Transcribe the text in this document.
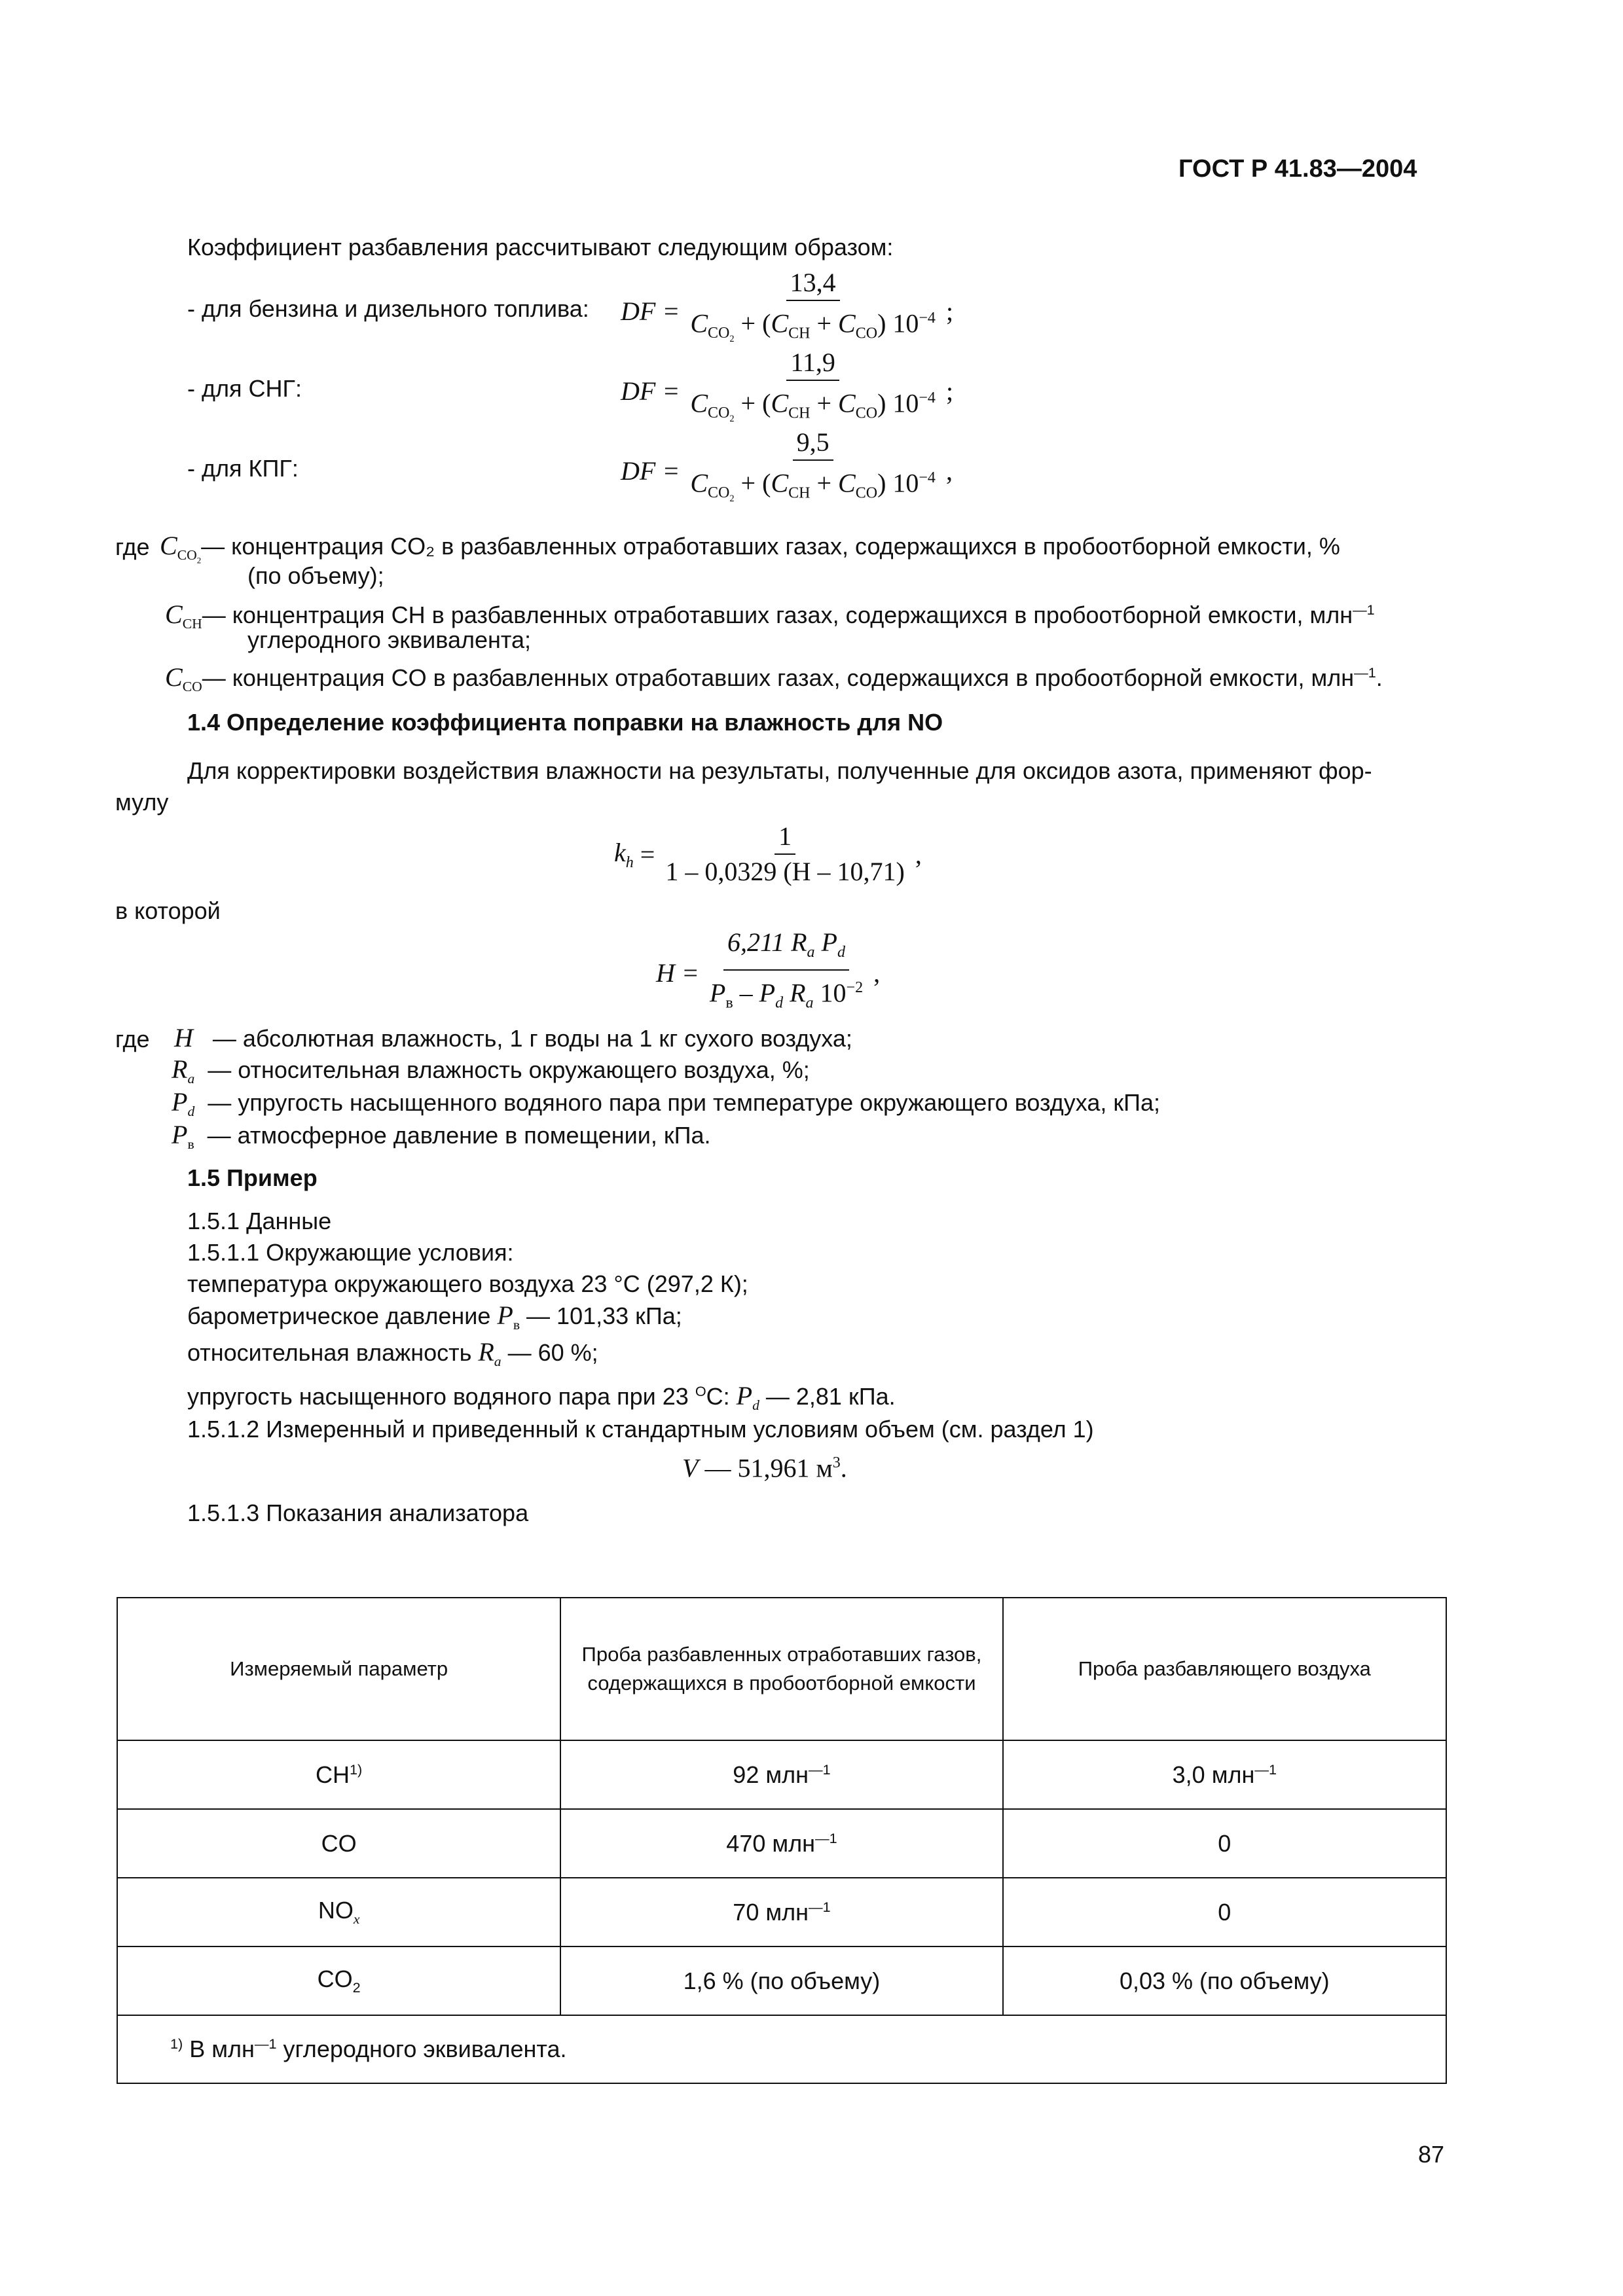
ГОСТ Р 41.83—2004
Коэффициент разбавления рассчитывают следующим образом:
- для бензина и дизельного топлива: DF = $\frac{13,4}{C_{CO_2} + (C_{CH} + C_{CO}) 10^{-4}}$ ;
- для СНГ:	DF = $\frac{11,9}{C_{CO_2} + (C_{CH} + C_{CO}) 10^{-4}}$ ;
- для КПГ:	DF = $\frac{9,5}{C_{CO_2} + (C_{CH} + C_{CO}) 10^{-4}}$ ,
где $C_{CO_2}—$ концентрация CO₂ в разбавленных отработавших газах, содержащихся в пробоотборной емкости, %
(по объему);
$C_{CH}—$ концентрация CH в разбавленных отработавших газах, содержащихся в пробоотборной емкости, млн$^{—1}$
углеродного эквивалента;
$C_{CO}—$ концентрация CO в разбавленных отработавших газах, содержащихся в пробоотборной емкости, млн$^{—1}$.
1.4 Определение коэффициента поправки на влажность для NO
Для корректировки воздействия влажности на результаты, полученные для оксидов азота, применяют фор-
мулу
$k_h = \frac{1}{1 - 0,0329 (H - 10,71)}$ ,
в которой
$H = \frac{6,211 R_a P_d}{P_в - P_d R_a 10^{-2}}$ ,
где H — абсолютная влажность, 1 г воды на 1 кг сухого воздуха;
$R_a$ — относительная влажность окружающего воздуха, %;
$P_d$ — упругость насыщенного водяного пара при температуре окружающего воздуха, кПа;
$P_в$ — атмосферное давление в помещении, кПа.
1.5 Пример
1.5.1 Данные
1.5.1.1 Окружающие условия:
температура окружающего воздуха 23 °С (297,2 К);
барометрическое давление $P_в$ — 101,33 кПа;
относительная влажность $R_a$ — 60 %;
упругость насыщенного водяного пара при 23 $^О$С: $P_d$ — 2,81 кПа.
1.5.1.2 Измеренный и приведенный к стандартным условиям объем (см. раздел 1)
V — 51,961 $м^3$.
1.5.1.3 Показания анализатора
Измеряемый параметр	Проба разбавленных отработавших газов, содержащихся в пробоотборной емкости	Проба разбавляющего воздуха
CH$^{1)}$	92 млн$^{—1}$	3,0 млн$^{—1}$
CO	470 млн$^{—1}$	0
$NO_x$	70 млн$^{—1}$	0
$CO_2$	1,6 % (по объему)	0,03 % (по объему)
$^{1)}$ В млн$^{—1}$ углеродного эквивалента.		
87
